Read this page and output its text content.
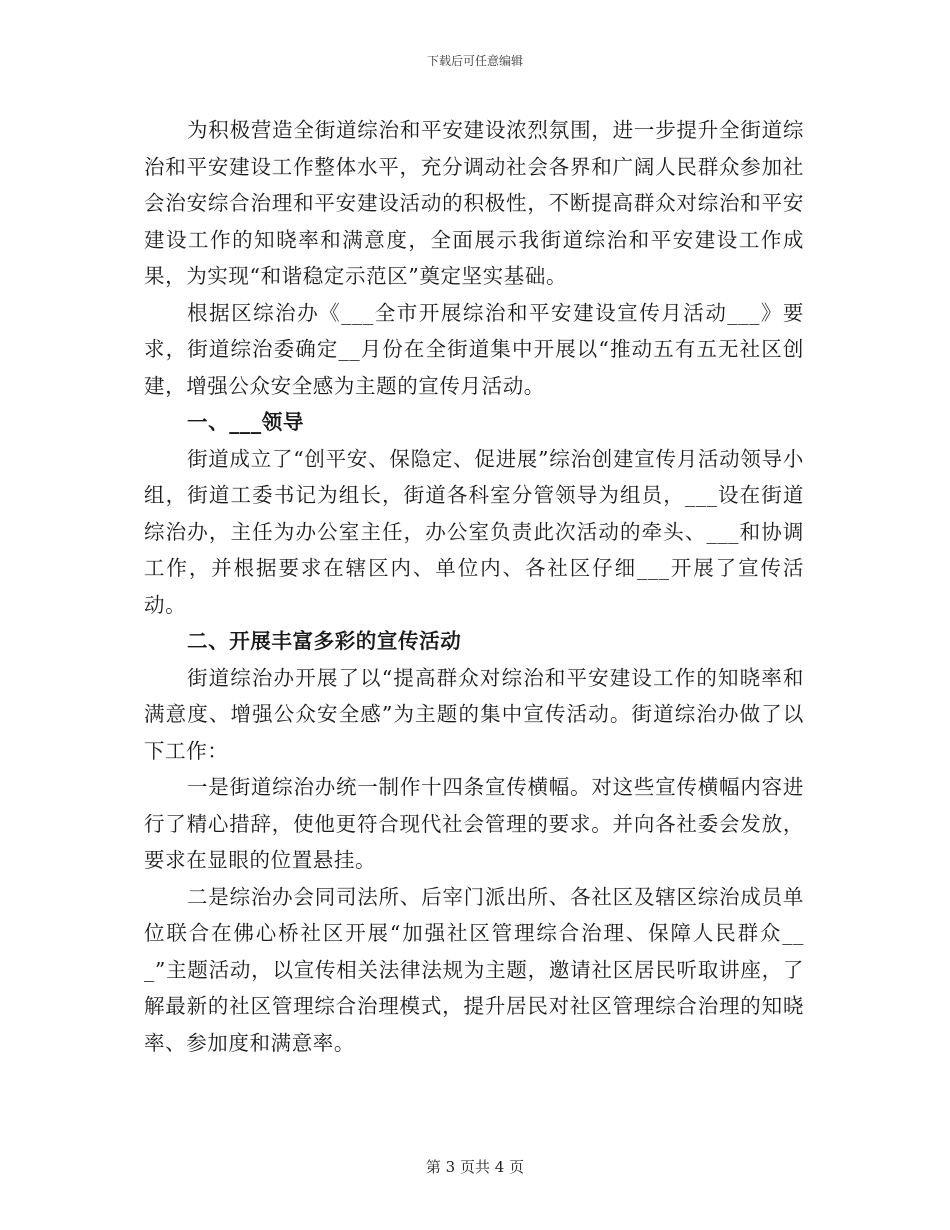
下载后可任意编辑

为积极营造全街道综治和平安建设浓烈氛围，进一步提升全街道综治和平安建设工作整体水平，充分调动社会各界和广阔人民群众参加社会治安综合治理和平安建设活动的积极性，不断提高群众对综治和平安建设工作的知晓率和满意度，全面展示我街道综治和平安建设工作成果，为实现“和谐稳定示范区”奠定坚实基础。

根据区综治办《___全市开展综治和平安建设宣传月活动___》要求，街道综治委确定__月份在全街道集中开展以“推动五有五无社区创建，增强公众安全感为主题的宣传月活动。

一、___领导

街道成立了“创平安、保隐定、促进展”综治创建宣传月活动领导小组，街道工委书记为组长，街道各科室分管领导为组员，___设在街道综治办，主任为办公室主任，办公室负责此次活动的牵头、___和协调工作，并根据要求在辖区内、单位内、各社区仔细___开展了宣传活动。

二、开展丰富多彩的宣传活动

街道综治办开展了以“提高群众对综治和平安建设工作的知晓率和满意度、增强公众安全感”为主题的集中宣传活动。街道综治办做了以下工作：

一是街道综治办统一制作十四条宣传横幅。对这些宣传横幅内容进行了精心措辞，使他更符合现代社会管理的要求。并向各社委会发放，要求在显眼的位置悬挂。

二是综治办会同司法所、后宰门派出所、各社区及辖区综治成员单位联合在佛心桥社区开展“加强社区管理综合治理、保障人民群众___”主题活动，以宣传相关法律法规为主题，邀请社区居民听取讲座，了解最新的社区管理综合治理模式，提升居民对社区管理综合治理的知晓率、参加度和满意率。

第 3 页共 4 页
